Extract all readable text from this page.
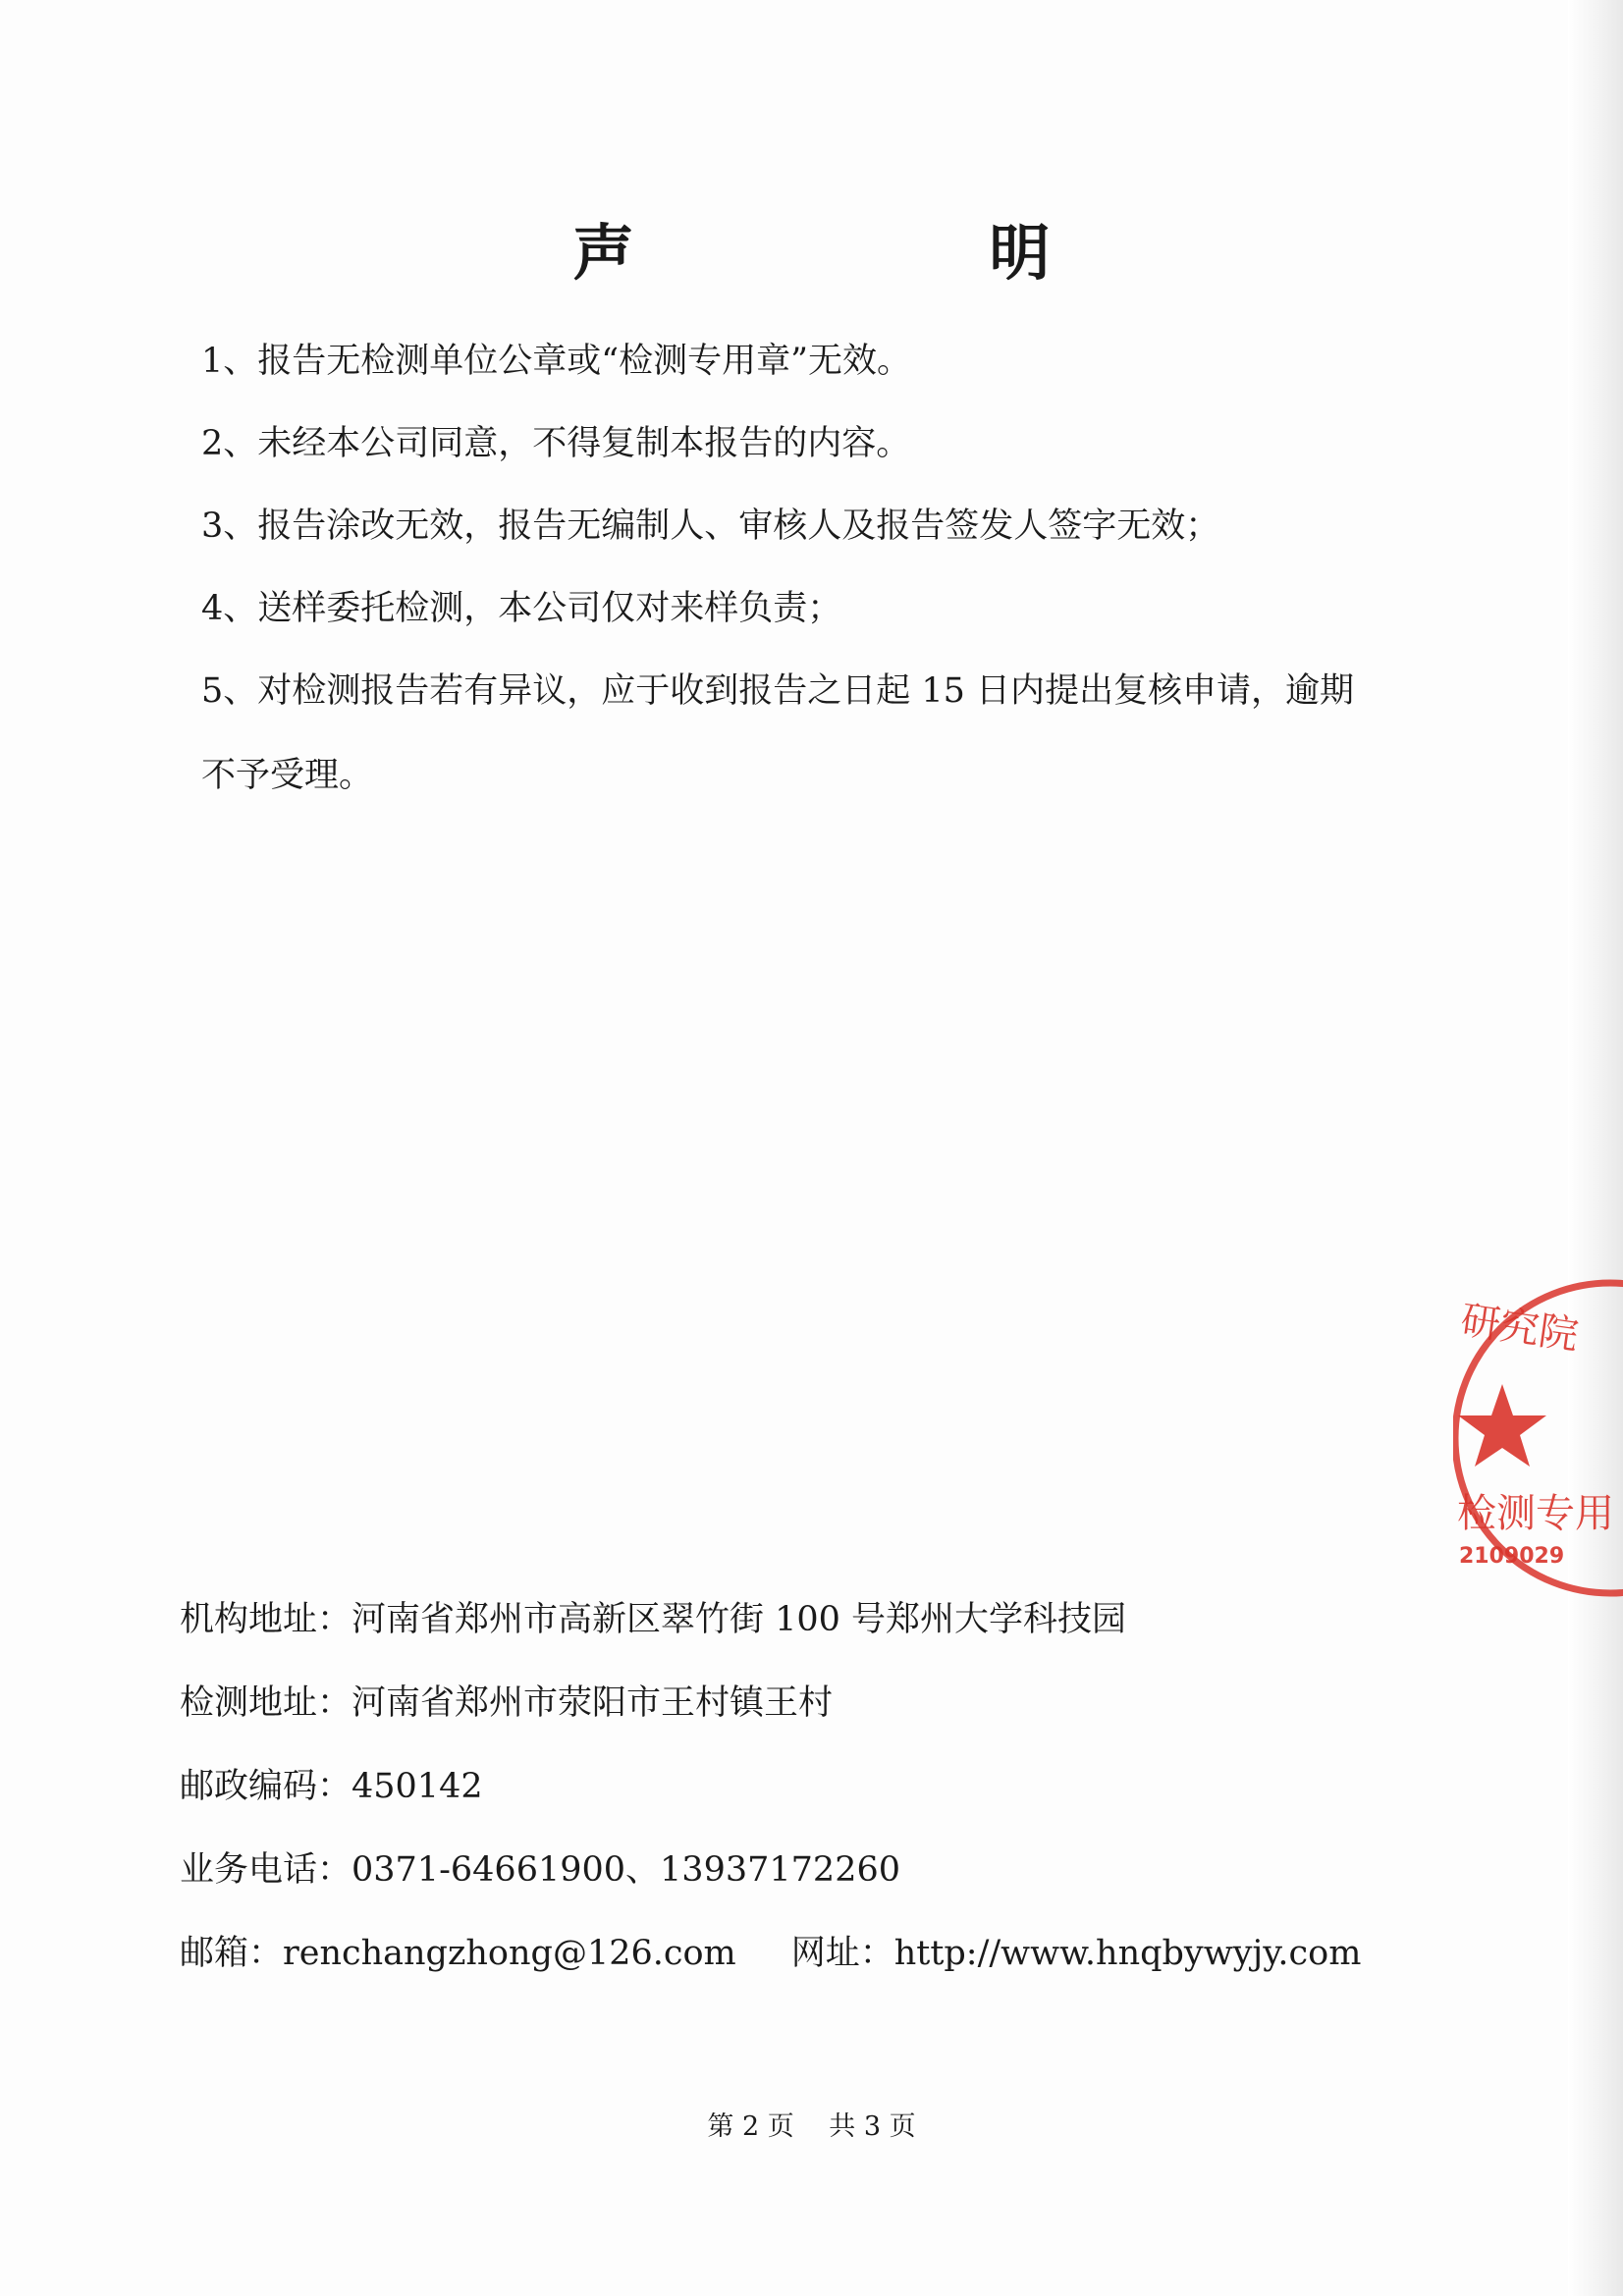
声　明
1、报告无检测单位公章或“检测专用章”无效。
2、未经本公司同意，不得复制本报告的内容。
3、报告涂改无效，报告无编制人、审核人及报告签发人签字无效；
4、送样委托检测，本公司仅对来样负责；
5、对检测报告若有异议，应于收到报告之日起 15 日内提出复核申请，逾期
不予受理。
机构地址：河南省郑州市高新区翠竹街 100 号郑州大学科技园
检测地址：河南省郑州市荥阳市王村镇王村
邮政编码：450142
业务电话：0371-64661900、13937172260
邮箱：renchangzhong@126.com 网址：http://www.hnqbywyjy.com
第 2 页　 共 3 页
研究院
检测专用
2109029
